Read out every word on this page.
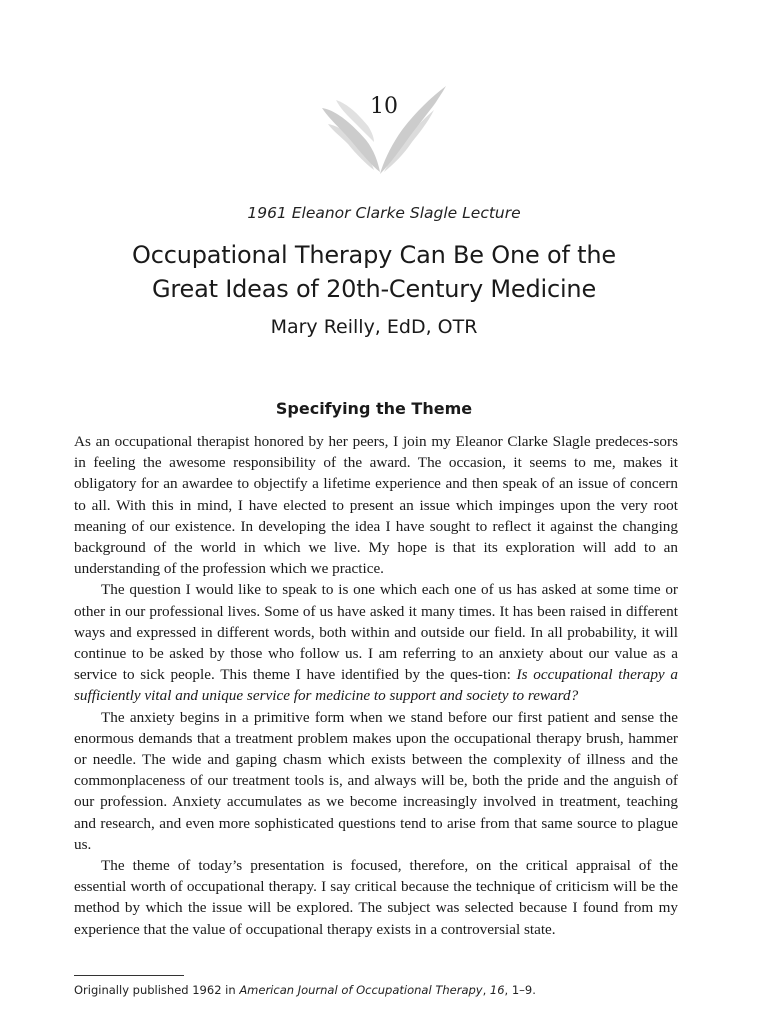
10
1961 Eleanor Clarke Slagle Lecture
Occupational Therapy Can Be One of the
Great Ideas of 20th-Century Medicine
Mary Reilly, EdD, OTR
Specifying the Theme

As an occupational therapist honored by her peers, I join my Eleanor Clarke Slagle predeces-sors in feeling the awesome responsibility of the award. The occasion, it seems to me, makes it obligatory for an awardee to objectify a lifetime experience and then speak of an issue of concern to all. With this in mind, I have elected to present an issue which impinges upon the very root meaning of our existence. In developing the idea I have sought to reflect it against the changing background of the world in which we live. My hope is that its exploration will add to an understanding of the profession which we practice.

The question I would like to speak to is one which each one of us has asked at some time or other in our professional lives. Some of us have asked it many times. It has been raised in different ways and expressed in different words, both within and outside our field. In all probability, it will continue to be asked by those who follow us. I am referring to an anxiety about our value as a service to sick people. This theme I have identified by the ques-tion: Is occupational therapy a sufficiently vital and unique service for medicine to support and society to reward?

The anxiety begins in a primitive form when we stand before our first patient and sense the enormous demands that a treatment problem makes upon the occupational therapy brush, hammer or needle. The wide and gaping chasm which exists between the complexity of illness and the commonplaceness of our treatment tools is, and always will be, both the pride and the anguish of our profession. Anxiety accumulates as we become increasingly involved in treatment, teaching and research, and even more sophisticated questions tend to arise from that same source to plague us.

The theme of today’s presentation is focused, therefore, on the critical appraisal of the essential worth of occupational therapy. I say critical because the technique of criticism will be the method by which the issue will be explored. The subject was selected because I found from my experience that the value of occupational therapy exists in a controversial state.

Originally published 1962 in American Journal of Occupational Therapy, 16, 1–9.
